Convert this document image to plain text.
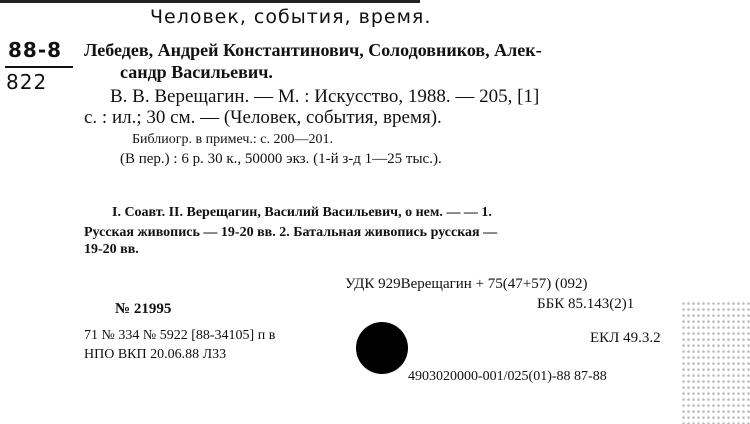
Человек, события, время.
88-8
822
Лебедев, Андрей Константинович, Солодовников, Алек-
сандр Васильевич.
В. В. Верещагин. — М. : Искусство, 1988. — 205, [1]
с. : ил.; 30 см. — (Человек, события, время).
Библиогр. в примеч.: с. 200—201.
(В пер.) : 6 р. 30 к., 50000 экз. (1-й з-д 1—25 тыс.).
I. Соавт. II. Верещагин, Василий Васильевич, о нем. — — 1.
Русская живопись — 19-20 вв. 2. Батальная живопись русская —
19-20 вв.
УДК 929Верещагин + 75(47+57) (092)
ББК 85.143(2)1
№ 21995
71 № 334 № 5922 [88-34105] п в	ЕКЛ 49.3.2
НПО ВКП 20.06.88 Л33
4903020000-001/025(01)-88 87-88
